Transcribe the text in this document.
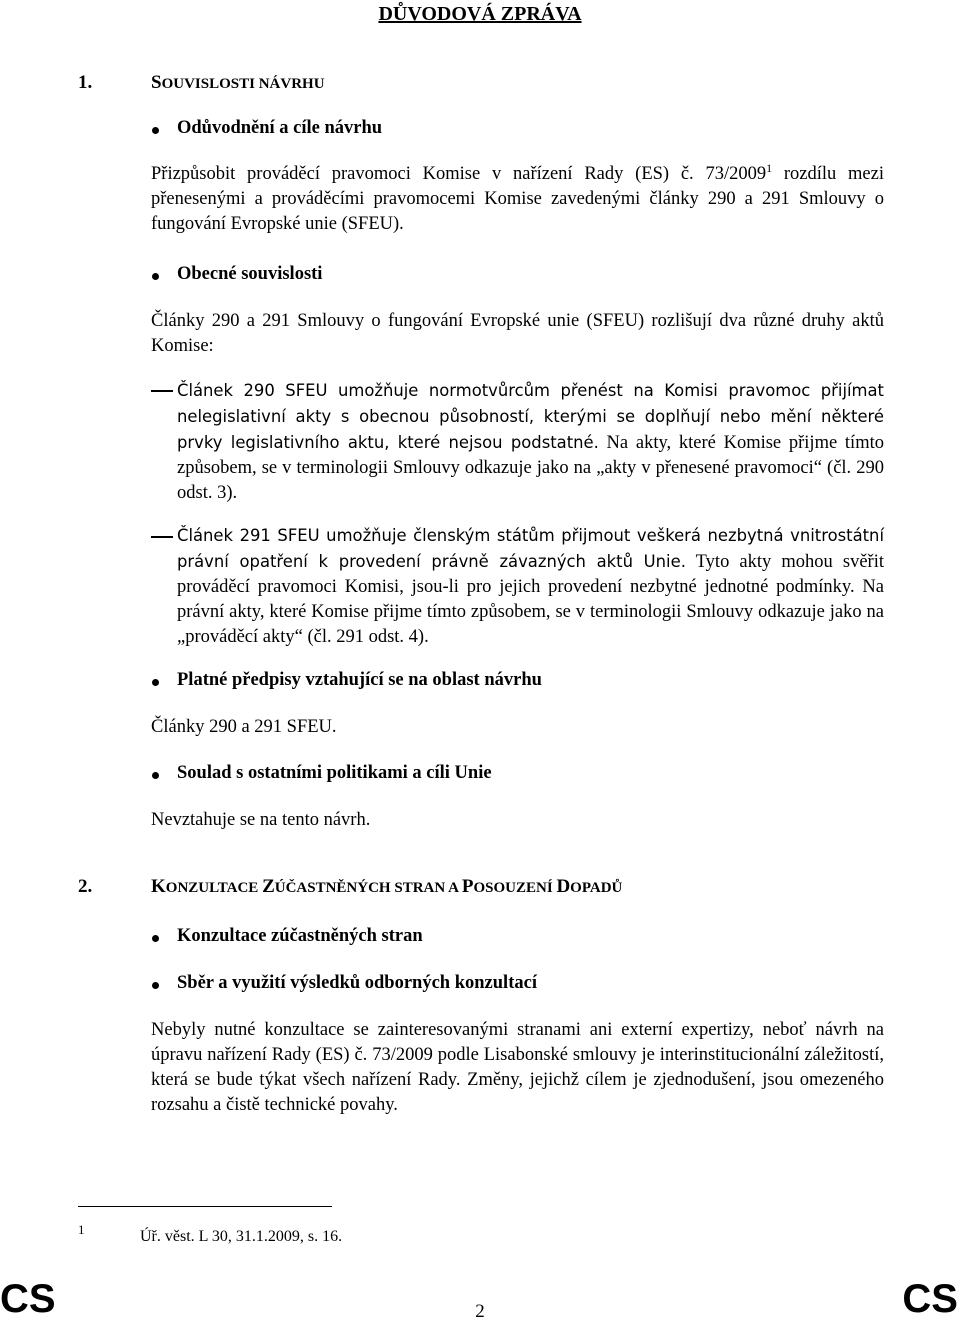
DŮVODOVÁ ZPRÁVA
1.	SOUVISLOSTI NÁVRHU
Odůvodnění a cíle návrhu
Přizpůsobit prováděcí pravomoci Komise v nařízení Rady (ES) č. 73/2009$^1$ rozdílu mezi přenesenými a prováděcími pravomocemi Komise zavedenými články 290 a 291 Smlouvy o fungování Evropské unie (SFEU).
Obecné souvislosti
Články 290 a 291 Smlouvy o fungování Evropské unie (SFEU) rozlišují dva různé druhy aktů Komise:
Článek 290 SFEU umožňuje normotvůrcům přenést na Komisi pravomoc přijímat nelegislativní akty s obecnou působností, kterými se doplňují nebo mění některé prvky legislativního aktu, které nejsou podstatné. Na akty, které Komise přijme tímto způsobem, se v terminologii Smlouvy odkazuje jako na „akty v přenesené pravomoci“ (čl. 290 odst. 3).
Článek 291 SFEU umožňuje členským státům přijmout veškerá nezbytná vnitrostátní právní opatření k provedení právně závazných aktů Unie. Tyto akty mohou svěřit prováděcí pravomoci Komisi, jsou-li pro jejich provedení nezbytné jednotné podmínky. Na právní akty, které Komise přijme tímto způsobem, se v terminologii Smlouvy odkazuje jako na „prováděcí akty“ (čl. 291 odst. 4).
Platné předpisy vztahující se na oblast návrhu
Články 290 a 291 SFEU.
Soulad s ostatními politikami a cíli Unie
Nevztahuje se na tento návrh.
2.	KONZULTACE ZÚČASTNĚNÝCH STRAN A POSOUZENÍ DOPADŮ
Konzultace zúčastněných stran
Sběr a využití výsledků odborných konzultací
Nebyly nutné konzultace se zainteresovanými stranami ani externí expertizy, neboť návrh na úpravu nařízení Rady (ES) č. 73/2009 podle Lisabonské smlouvy je interinstitucionální záležitostí, která se bude týkat všech nařízení Rady. Změny, jejichž cílem je zjednodušení, jsou omezeného rozsahu a čistě technické povahy.
1	Úř. věst. L 30, 31.1.2009, s. 16.
CS	2	CS
